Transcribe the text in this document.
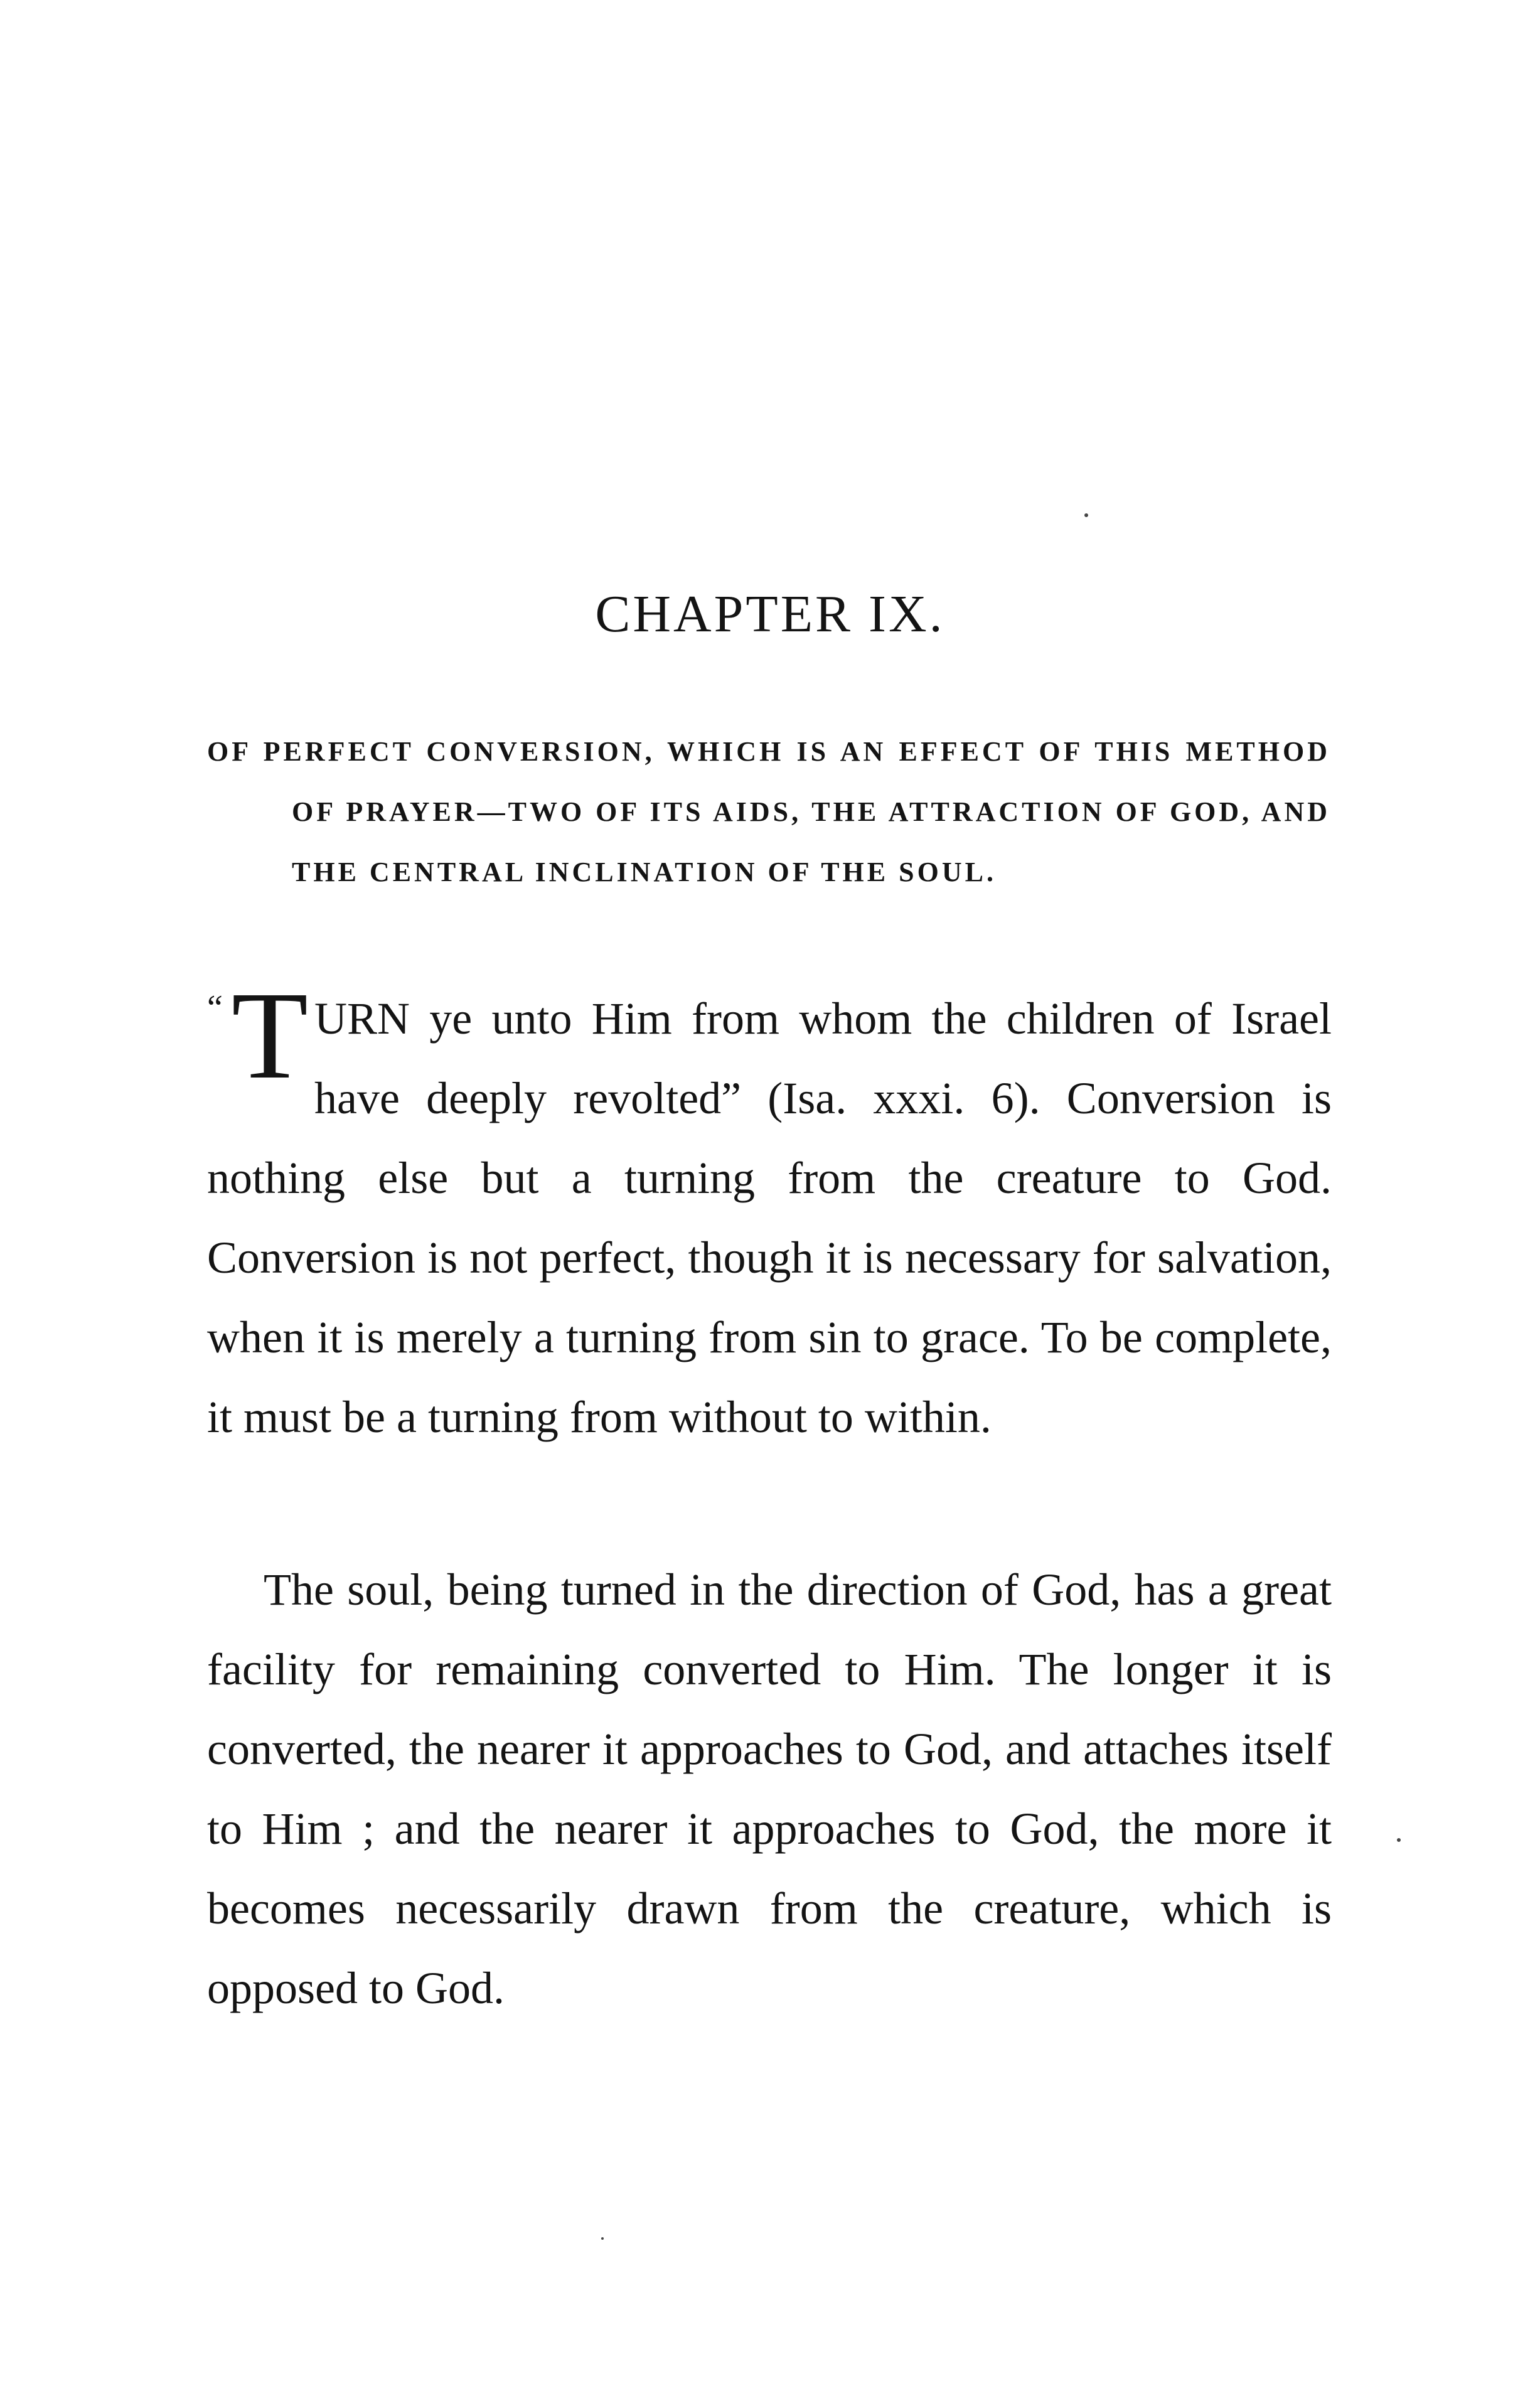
CHAPTER IX.
OF PERFECT CONVERSION, WHICH IS AN EFFECT OF THIS METHOD OF PRAYER—TWO OF ITS AIDS, THE ATTRACTION OF GOD, AND THE CENTRAL INCLINATION OF THE SOUL.
“ T URN ye unto Him from whom the children of Israel have deeply revolted” (Isa. xxxi. 6). Conversion is nothing else but a turning from the creature to God. Conversion is not perfect, though it is necessary for salvation, when it is merely a turning from sin to grace. To be complete, it must be a turning from without to within.
The soul, being turned in the direction of God, has a great facility for remaining converted to Him. The longer it is converted, the nearer it approaches to God, and attaches itself to Him ; and the nearer it approaches to God, the more it becomes necessarily drawn from the creature, which is opposed to God.
